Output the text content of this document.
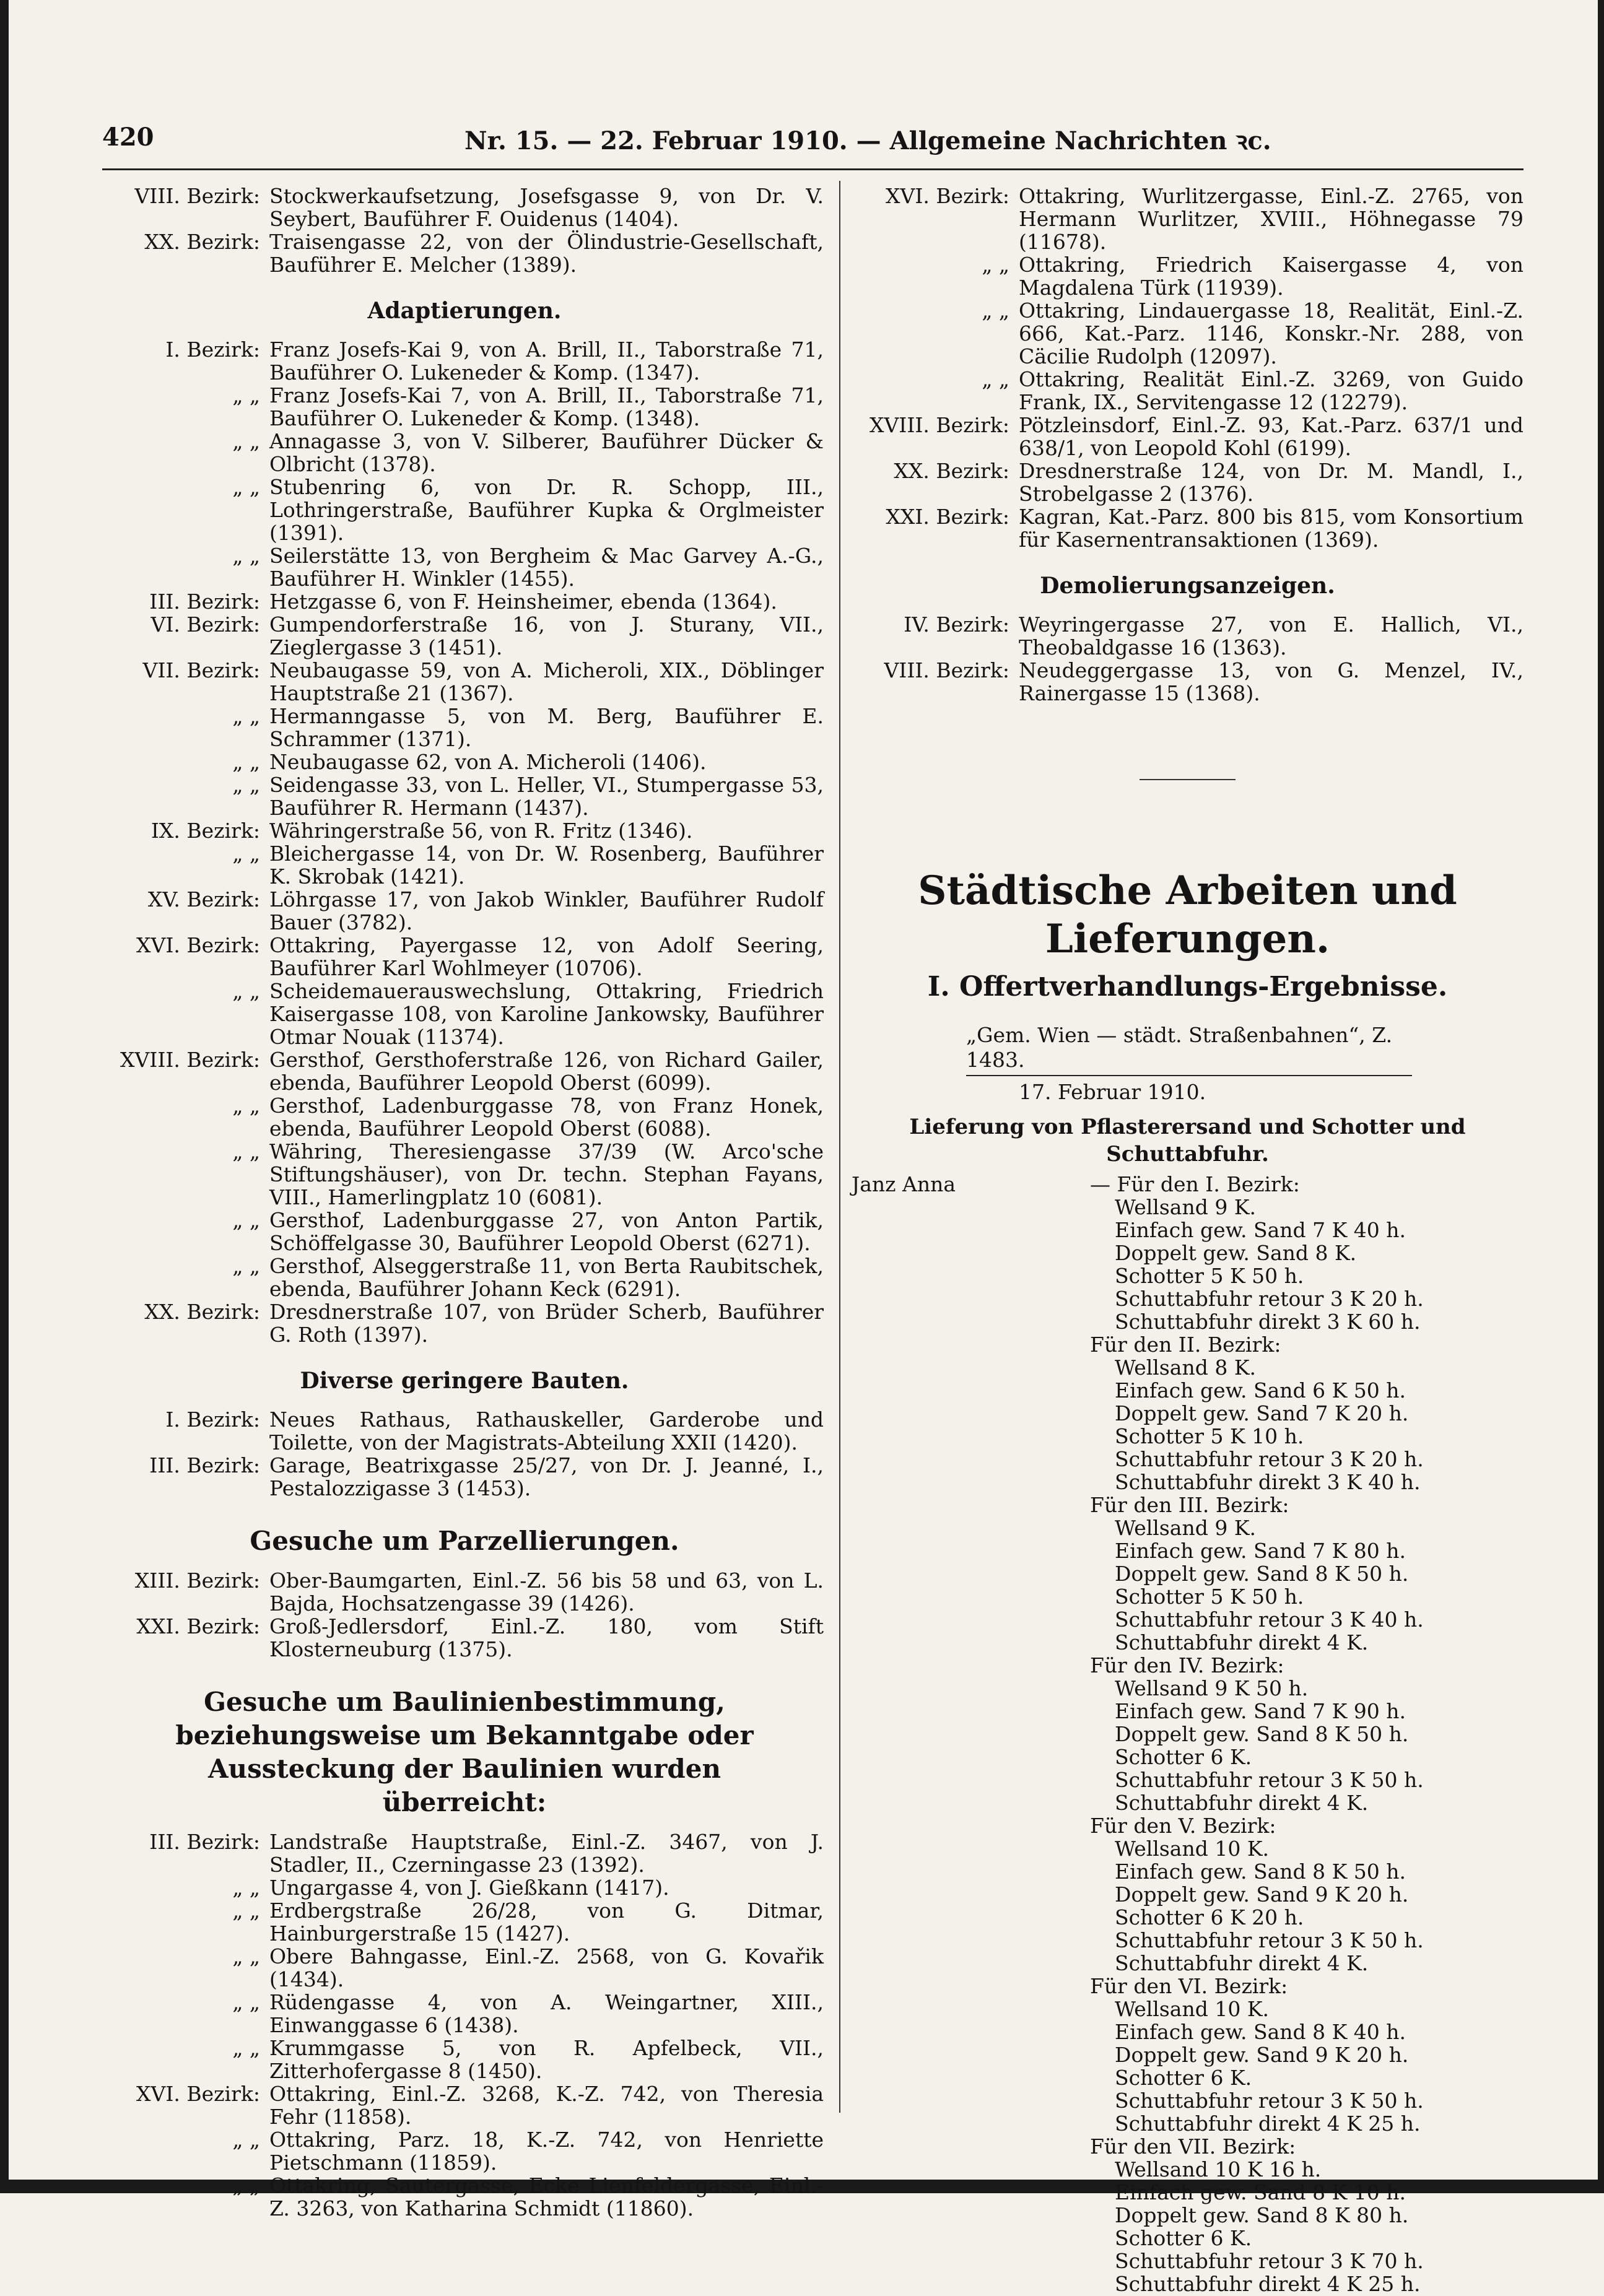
420	Nr. 15. — 22. Februar 1910. — Allgemeine Nachrichten ꝛc.
VIII. Bezirk: Stockwerkaufsetzung, Josefsgasse 9, von Dr. V. Seybert, Bauführer F. Ouidenus (1404).
XX. Bezirk: Traisengasse 22, von der Ölindustrie-Gesellschaft, Bauführer E. Melcher (1389).
Adaptierungen.
I. Bezirk: Franz Josefs-Kai 9, von A. Brill, II., Taborstraße 71, Bauführer O. Lukeneder & Komp. (1347).
„ „ Franz Josefs-Kai 7, von A. Brill, II., Taborstraße 71, Bauführer O. Lukeneder & Komp. (1348).
„ „ Annagasse 3, von V. Silberer, Bauführer Dücker & Olbricht (1378).
„ „ Stubenring 6, von Dr. R. Schopp, III., Lothringerstraße, Bauführer Kupka & Orglmeister (1391).
„ „ Seilerstätte 13, von Bergheim & Mac Garvey A.-G., Bauführer H. Winkler (1455).
III. Bezirk: Hetzgasse 6, von F. Heinsheimer, ebenda (1364).
VI. Bezirk: Gumpendorferstraße 16, von J. Sturany, VII., Zieglergasse 3 (1451).
VII. Bezirk: Neubaugasse 59, von A. Micheroli, XIX., Döblinger Hauptstraße 21 (1367).
„ „ Hermanngasse 5, von M. Berg, Bauführer E. Schrammer (1371).
„ „ Neubaugasse 62, von A. Micheroli (1406).
„ „ Seidengasse 33, von L. Heller, VI., Stumpergasse 53, Bauführer R. Hermann (1437).
IX. Bezirk: Währingerstraße 56, von R. Fritz (1346).
„ „ Bleichergasse 14, von Dr. W. Rosenberg, Bauführer K. Skrobak (1421).
XV. Bezirk: Löhrgasse 17, von Jakob Winkler, Bauführer Rudolf Bauer (3782).
XVI. Bezirk: Ottakring, Payergasse 12, von Adolf Seering, Bauführer Karl Wohlmeyer (10706).
„ „ Scheidemauerauswechslung, Ottakring, Friedrich Kaisergasse 108, von Karoline Jankowsky, Bauführer Otmar Nouak (11374).
XVIII. Bezirk: Gersthof, Gersthoferstraße 126, von Richard Gailer, ebenda, Bauführer Leopold Oberst (6099).
„ „ Gersthof, Ladenburggasse 78, von Franz Honek, ebenda, Bauführer Leopold Oberst (6088).
„ „ Währing, Theresiengasse 37/39 (W. Arco'sche Stiftungshäuser), von Dr. techn. Stephan Fayans, VIII., Hamerlingplatz 10 (6081).
„ „ Gersthof, Ladenburggasse 27, von Anton Partik, Schöffelgasse 30, Bauführer Leopold Oberst (6271).
„ „ Gersthof, Alseggerstraße 11, von Berta Raubitschek, ebenda, Bauführer Johann Keck (6291).
XX. Bezirk: Dresdnerstraße 107, von Brüder Scherb, Bauführer G. Roth (1397).
Diverse geringere Bauten.
I. Bezirk: Neues Rathaus, Rathauskeller, Garderobe und Toilette, von der Magistrats-Abteilung XXII (1420).
III. Bezirk: Garage, Beatrixgasse 25/27, von Dr. J. Jeanné, I., Pestalozzigasse 3 (1453).
Gesuche um Parzellierungen.
XIII. Bezirk: Ober-Baumgarten, Einl.-Z. 56 bis 58 und 63, von L. Bajda, Hochsatzengasse 39 (1426).
XXI. Bezirk: Groß-Jedlersdorf, Einl.-Z. 180, vom Stift Klosterneuburg (1375).
Gesuche um Baulinienbestimmung, beziehungsweise um Bekanntgabe oder Aussteckung der Baulinien wurden überreicht:
III. Bezirk: Landstraße Hauptstraße, Einl.-Z. 3467, von J. Stadler, II., Czerningasse 23 (1392).
„ „ Ungargasse 4, von J. Gießkann (1417).
„ „ Erdbergstraße 26/28, von G. Ditmar, Hainburgerstraße 15 (1427).
„ „ Obere Bahngasse, Einl.-Z. 2568, von G. Kovařik (1434).
„ „ Rüdengasse 4, von A. Weingartner, XIII., Einwanggasse 6 (1438).
„ „ Krummgasse 5, von R. Apfelbeck, VII., Zitterhofergasse 8 (1450).
XVI. Bezirk: Ottakring, Einl.-Z. 3268, K.-Z. 742, von Theresia Fehr (11858).
„ „ Ottakring, Parz. 18, K.-Z. 742, von Henriette Pietschmann (11859).
„ „ Ottakring, Sautergasse, Ecke Lienfeldergasse, Einl.-Z. 3263, von Katharina Schmidt (11860).
XVI. Bezirk: Ottakring, Wurlitzergasse, Einl.-Z. 2765, von Hermann Wurlitzer, XVIII., Höhnegasse 79 (11678).
„ „ Ottakring, Friedrich Kaisergasse 4, von Magdalena Türk (11939).
„ „ Ottakring, Lindauergasse 18, Realität, Einl.-Z. 666, Kat.-Parz. 1146, Konskr.-Nr. 288, von Cäcilie Rudolph (12097).
„ „ Ottakring, Realität Einl.-Z. 3269, von Guido Frank, IX., Servitengasse 12 (12279).
XVIII. Bezirk: Pötzleinsdorf, Einl.-Z. 93, Kat.-Parz. 637/1 und 638/1, von Leopold Kohl (6199).
XX. Bezirk: Dresdnerstraße 124, von Dr. M. Mandl, I., Strobelgasse 2 (1376).
XXI. Bezirk: Kagran, Kat.-Parz. 800 bis 815, vom Konsortium für Kasernentransaktionen (1369).
Demolierungsanzeigen.
IV. Bezirk: Weyringergasse 27, von E. Hallich, VI., Theobaldgasse 16 (1363).
VIII. Bezirk: Neudeggergasse 13, von G. Menzel, IV., Rainergasse 15 (1368).
Städtische Arbeiten und Lieferungen.
I. Offertverhandlungs-Ergebnisse.
„Gem. Wien — städt. Straßenbahnen“, Z. 1483.
17. Februar 1910.
Lieferung von Pflasterersand und Schotter und Schuttabfuhr.
Janz Anna	— Für den I. Bezirk:
Wellsand 9 K.
Einfach gew. Sand 7 K 40 h.
Doppelt gew. Sand 8 K.
Schotter 5 K 50 h.
Schuttabfuhr retour 3 K 20 h.
Schuttabfuhr direkt 3 K 60 h.
Für den II. Bezirk:
Wellsand 8 K.
Einfach gew. Sand 6 K 50 h.
Doppelt gew. Sand 7 K 20 h.
Schotter 5 K 10 h.
Schuttabfuhr retour 3 K 20 h.
Schuttabfuhr direkt 3 K 40 h.
Für den III. Bezirk:
Wellsand 9 K.
Einfach gew. Sand 7 K 80 h.
Doppelt gew. Sand 8 K 50 h.
Schotter 5 K 50 h.
Schuttabfuhr retour 3 K 40 h.
Schuttabfuhr direkt 4 K.
Für den IV. Bezirk:
Wellsand 9 K 50 h.
Einfach gew. Sand 7 K 90 h.
Doppelt gew. Sand 8 K 50 h.
Schotter 6 K.
Schuttabfuhr retour 3 K 50 h.
Schuttabfuhr direkt 4 K.
Für den V. Bezirk:
Wellsand 10 K.
Einfach gew. Sand 8 K 50 h.
Doppelt gew. Sand 9 K 20 h.
Schotter 6 K 20 h.
Schuttabfuhr retour 3 K 50 h.
Schuttabfuhr direkt 4 K.
Für den VI. Bezirk:
Wellsand 10 K.
Einfach gew. Sand 8 K 40 h.
Doppelt gew. Sand 9 K 20 h.
Schotter 6 K.
Schuttabfuhr retour 3 K 50 h.
Schuttabfuhr direkt 4 K 25 h.
Für den VII. Bezirk:
Wellsand 10 K 16 h.
Einfach gew. Sand 8 K 10 h.
Doppelt gew. Sand 8 K 80 h.
Schotter 6 K.
Schuttabfuhr retour 3 K 70 h.
Schuttabfuhr direkt 4 K 25 h.
